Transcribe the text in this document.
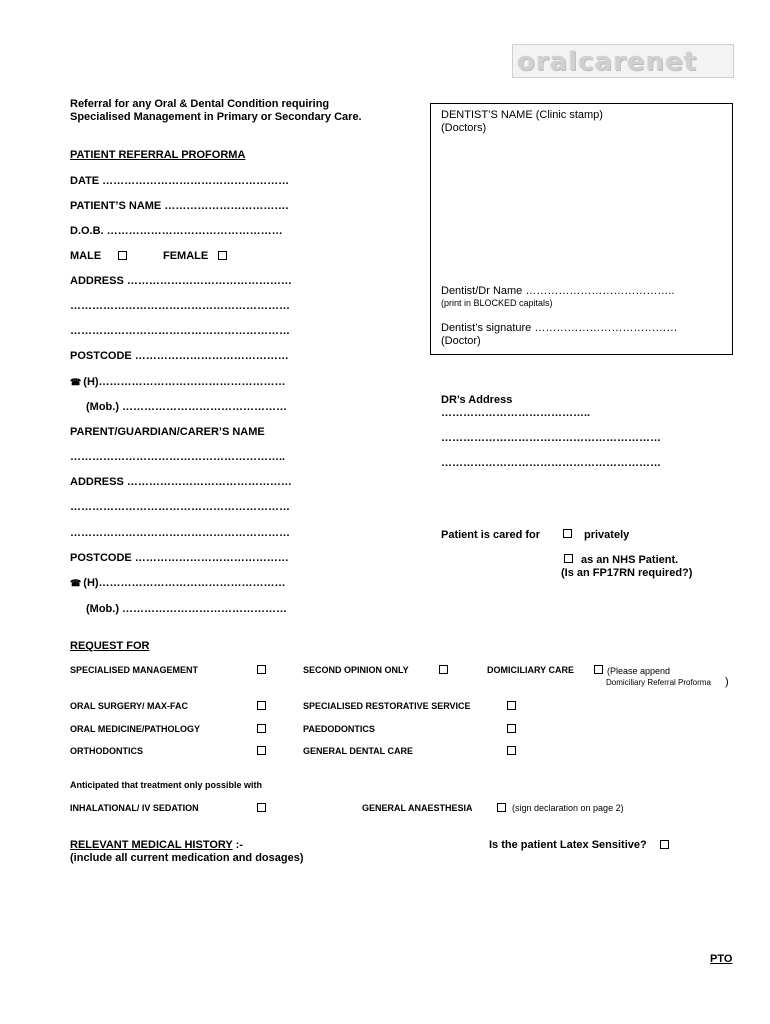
oralcarenet
Referral for any Oral & Dental Condition requiring
Specialised Management in Primary or Secondary Care.	DENTIST’S NAME (Clinic stamp)
(Doctors)
Dentist/Dr Name …………………………………..
(print in BLOCKED capitals)
Dentist’s signature …………………………………
(Doctor)
PATIENT REFERRAL PROFORMA
DATE ……………………………………………
PATIENT’S NAME …………………………….
D.O.B. …………………………………………
MALE	FEMALE
ADDRESS ………………………………………
……………………………………………………
……………………………………………………
POSTCODE ……………………………………
☎ (H)……………………………………………
(Mob.) ………………………………………
PARENT/GUARDIAN/CARER’S NAME
…………………………………………………..
ADDRESS ………………………………………
……………………………………………………
……………………………………………………
POSTCODE ……………………………………
☎ (H)……………………………………………
(Mob.) ………………………………………
DR’s Address
…………………………………..
……………………………………………………
……………………………………………………
Patient is cared for	privately
as an NHS Patient.
(Is an FP17RN required?)
REQUEST FOR
SPECIALISED MANAGEMENT	SECOND OPINION ONLY	DOMICILIARY CARE	(Please append
Domiciliary Referral Proforma )
ORAL SURGERY/ MAX-FAC	SPECIALISED RESTORATIVE SERVICE
ORAL MEDICINE/PATHOLOGY	PAEDODONTICS
ORTHODONTICS	GENERAL DENTAL CARE
Anticipated that treatment only possible with
INHALATIONAL/ IV SEDATION	GENERAL ANAESTHESIA	(sign declaration on page 2)
RELEVANT MEDICAL HISTORY :-
(include all current medication and dosages)
Is the patient Latex Sensitive?
PTO
